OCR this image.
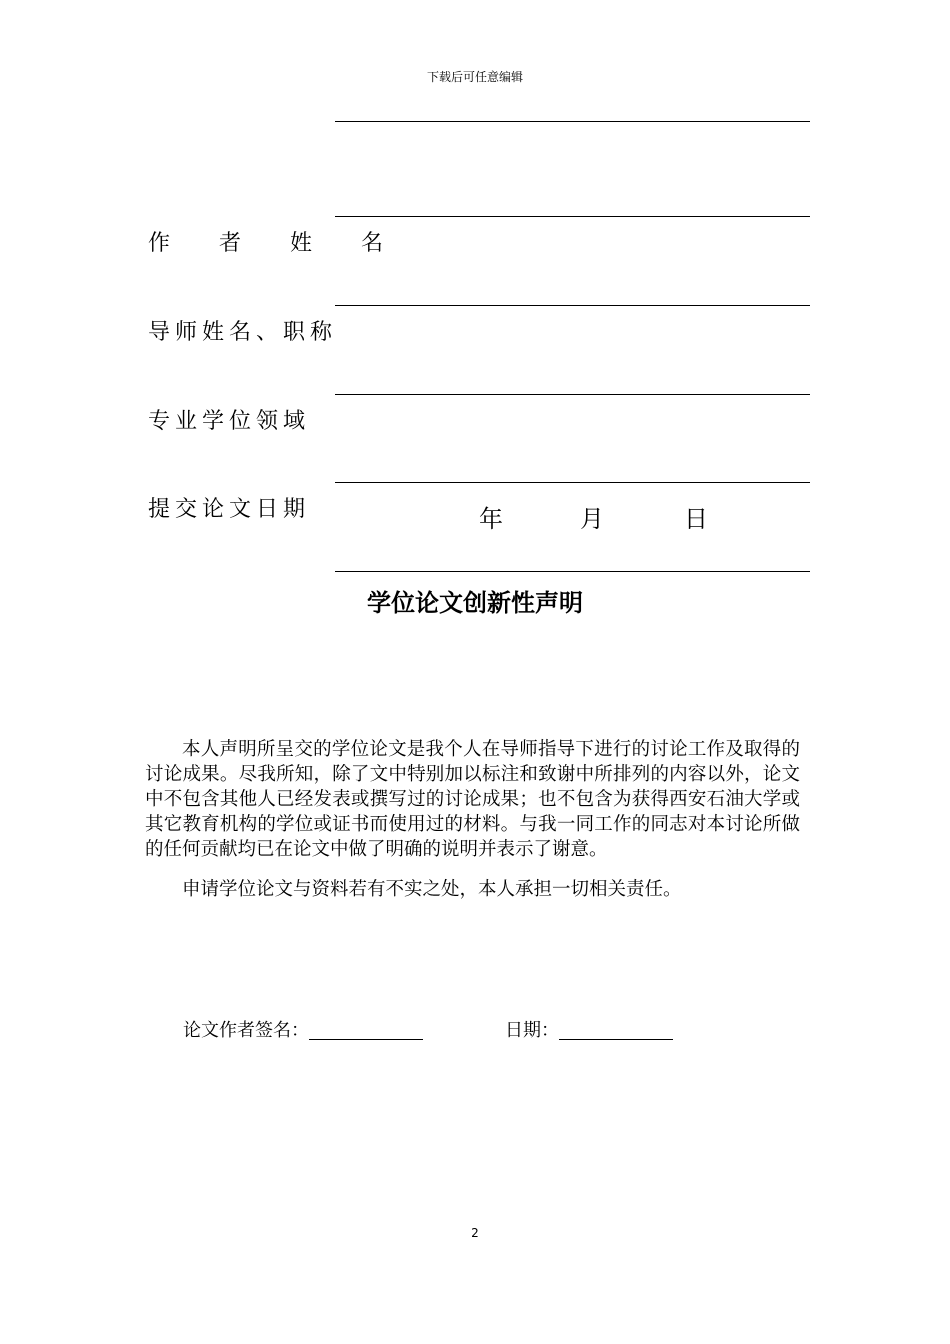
下载后可任意编辑
作 者 姓 名
导师姓名、职称
专业学位领域
提交论文日期	年	月	日
学位论文创新性声明

本人声明所呈交的学位论文是我个人在导师指导下进行的讨论工作及取得的讨论成果。尽我所知，除了文中特别加以标注和致谢中所排列的内容以外，论文中不包含其他人已经发表或撰写过的讨论成果；也不包含为获得西安石油大学或其它教育机构的学位或证书而使用过的材料。与我一同工作的同志对本讨论所做的任何贡献均已在论文中做了明确的说明并表示了谢意。

申请学位论文与资料若有不实之处，本人承担一切相关责任。

论文作者签名：	日期：
2
